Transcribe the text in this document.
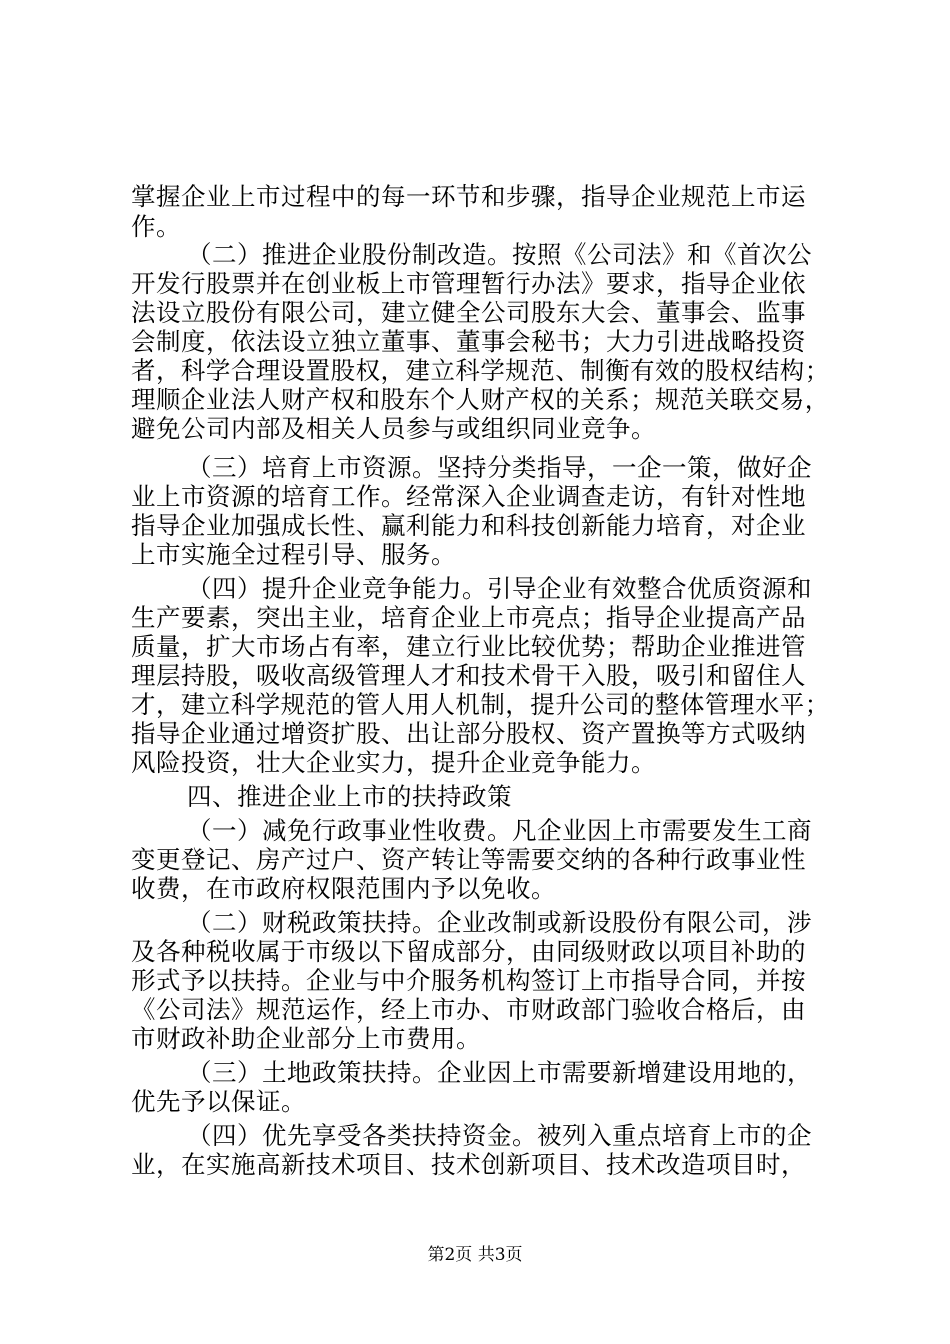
掌握企业上市过程中的每一环节和步骤，指导企业规范上市运

作。

（二）推进企业股份制改造。按照《公司法》和《首次公

开发行股票并在创业板上市管理暂行办法》要求，指导企业依

法设立股份有限公司，建立健全公司股东大会、董事会、监事

会制度，依法设立独立董事、董事会秘书；大力引进战略投资

者，科学合理设置股权，建立科学规范、制衡有效的股权结构；

理顺企业法人财产权和股东个人财产权的关系；规范关联交易，

避免公司内部及相关人员参与或组织同业竞争。

（三）培育上市资源。坚持分类指导，一企一策，做好企

业上市资源的培育工作。经常深入企业调查走访，有针对性地

指导企业加强成长性、赢利能力和科技创新能力培育，对企业

上市实施全过程引导、服务。

（四）提升企业竞争能力。引导企业有效整合优质资源和

生产要素，突出主业，培育企业上市亮点；指导企业提高产品

质量，扩大市场占有率，建立行业比较优势；帮助企业推进管

理层持股，吸收高级管理人才和技术骨干入股，吸引和留住人

才，建立科学规范的管人用人机制，提升公司的整体管理水平；

指导企业通过增资扩股、出让部分股权、资产置换等方式吸纳

风险投资，壮大企业实力，提升企业竞争能力。

四、推进企业上市的扶持政策

（一）减免行政事业性收费。凡企业因上市需要发生工商

变更登记、房产过户、资产转让等需要交纳的各种行政事业性

收费，在市政府权限范围内予以免收。

（二）财税政策扶持。企业改制或新设股份有限公司，涉

及各种税收属于市级以下留成部分，由同级财政以项目补助的

形式予以扶持。企业与中介服务机构签订上市指导合同，并按

《公司法》规范运作，经上市办、市财政部门验收合格后，由

市财政补助企业部分上市费用。

（三）土地政策扶持。企业因上市需要新增建设用地的，

优先予以保证。

（四）优先享受各类扶持资金。被列入重点培育上市的企

业，在实施高新技术项目、技术创新项目、技术改造项目时，

第2页 共3页
